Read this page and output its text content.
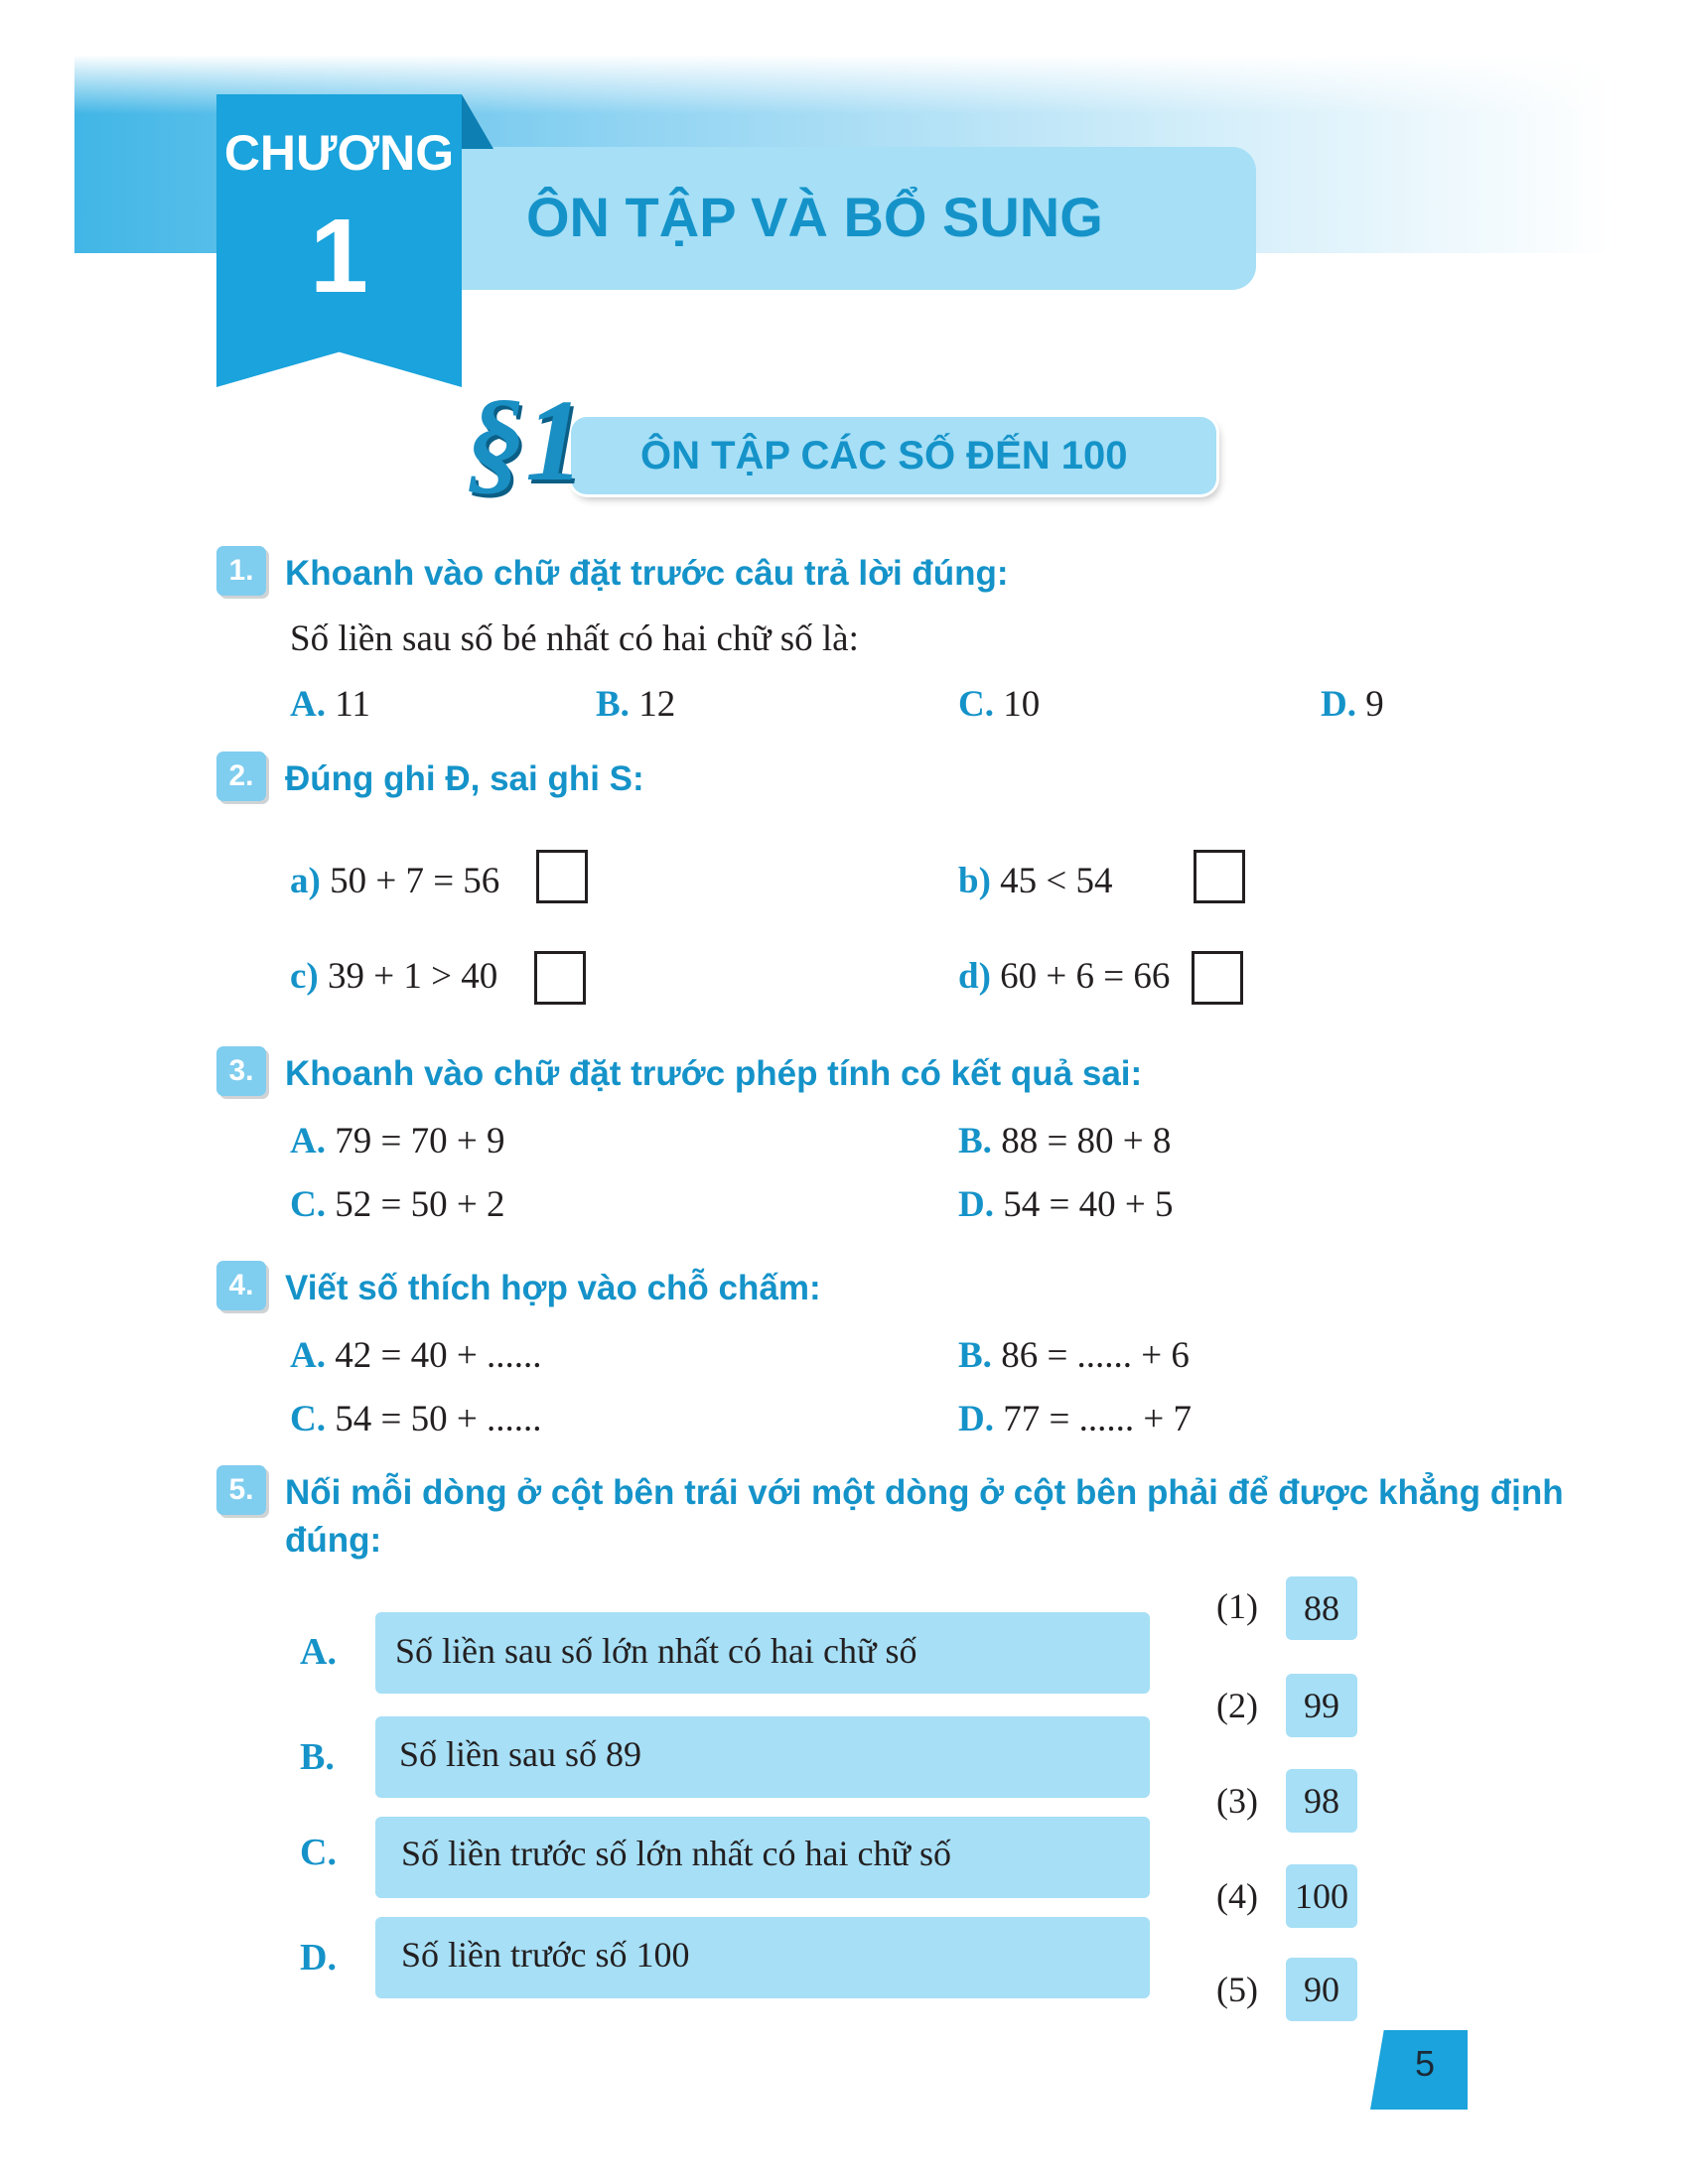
ÔN TẬP VÀ BỔ SUNG
CHƯƠNG
1
§1 ÔN TẬP CÁC SỐ ĐẾN 100
1. Khoanh vào chữ đặt trước câu trả lời đúng:
Số liền sau số bé nhất có hai chữ số là:
A. 11	B. 12	C. 10	D. 9
2. Đúng ghi Đ, sai ghi S:
a) 50 + 7 = 56	b) 45 < 54
c) 39 + 1 > 40	d) 60 + 6 = 66
3. Khoanh vào chữ đặt trước phép tính có kết quả sai:
A. 79 = 70 + 9	B. 88 = 80 + 8
C. 52 = 50 + 2	D. 54 = 40 + 5
4. Viết số thích hợp vào chỗ chấm:
A. 42 = 40 + ......	B. 86 = ...... + 6
C. 54 = 50 + ......	D. 77 = ...... + 7
5. Nối mỗi dòng ở cột bên trái với một dòng ở cột bên phải để được khẳng định đúng:
A. Số liền sau số lớn nhất có hai chữ số
B. Số liền sau số 89
C. Số liền trước số lớn nhất có hai chữ số
D. Số liền trước số 100
(1)	88
(2)	99
(3)	98
(4) 100
(5)	90
5
